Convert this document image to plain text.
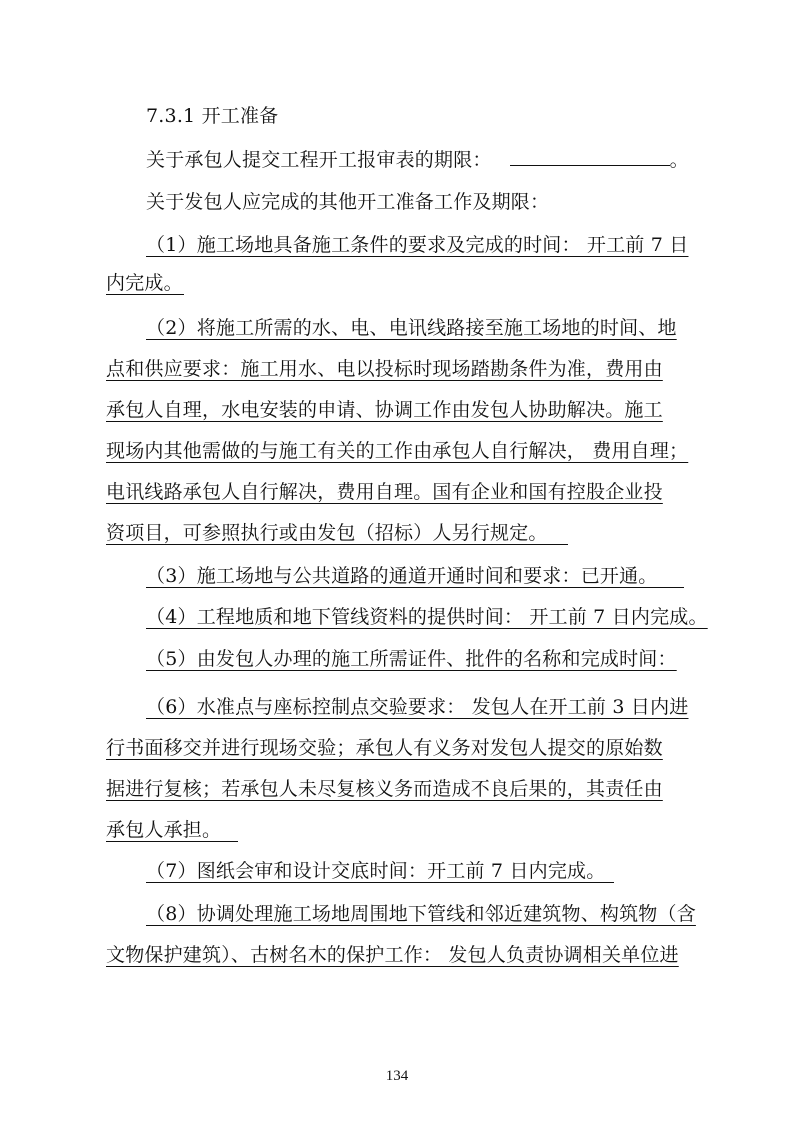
7.3.1 开工准备
关于承包人提交工程开工报审表的期限：	。
关于发包人应完成的其他开工准备工作及期限：
（1）施工场地具备施工条件的要求及完成的时间： 开工前 7 日
内完成。
（2）将施工所需的水、电、电讯线路接至施工场地的时间、地
点和供应要求：施工用水、电以投标时现场踏勘条件为准，费用由
承包人自理，水电安装的申请、协调工作由发包人协助解决。施工
现场内其他需做的与施工有关的工作由承包人自行解决， 费用自理；
电讯线路承包人自行解决，费用自理。国有企业和国有控股企业投
资项目，可参照执行或由发包（招标）人另行规定。
（3）施工场地与公共道路的通道开通时间和要求：已开通。
（4）工程地质和地下管线资料的提供时间： 开工前 7 日内完成。
（5）由发包人办理的施工所需证件、批件的名称和完成时间：
（6）水准点与座标控制点交验要求： 发包人在开工前 3 日内进
行书面移交并进行现场交验；承包人有义务对发包人提交的原始数
据进行复核；若承包人未尽复核义务而造成不良后果的，其责任由
承包人承担。
（7）图纸会审和设计交底时间：开工前 7 日内完成。
（8）协调处理施工场地周围地下管线和邻近建筑物、构筑物（含
文物保护建筑）、古树名木的保护工作： 发包人负责协调相关单位进
134
